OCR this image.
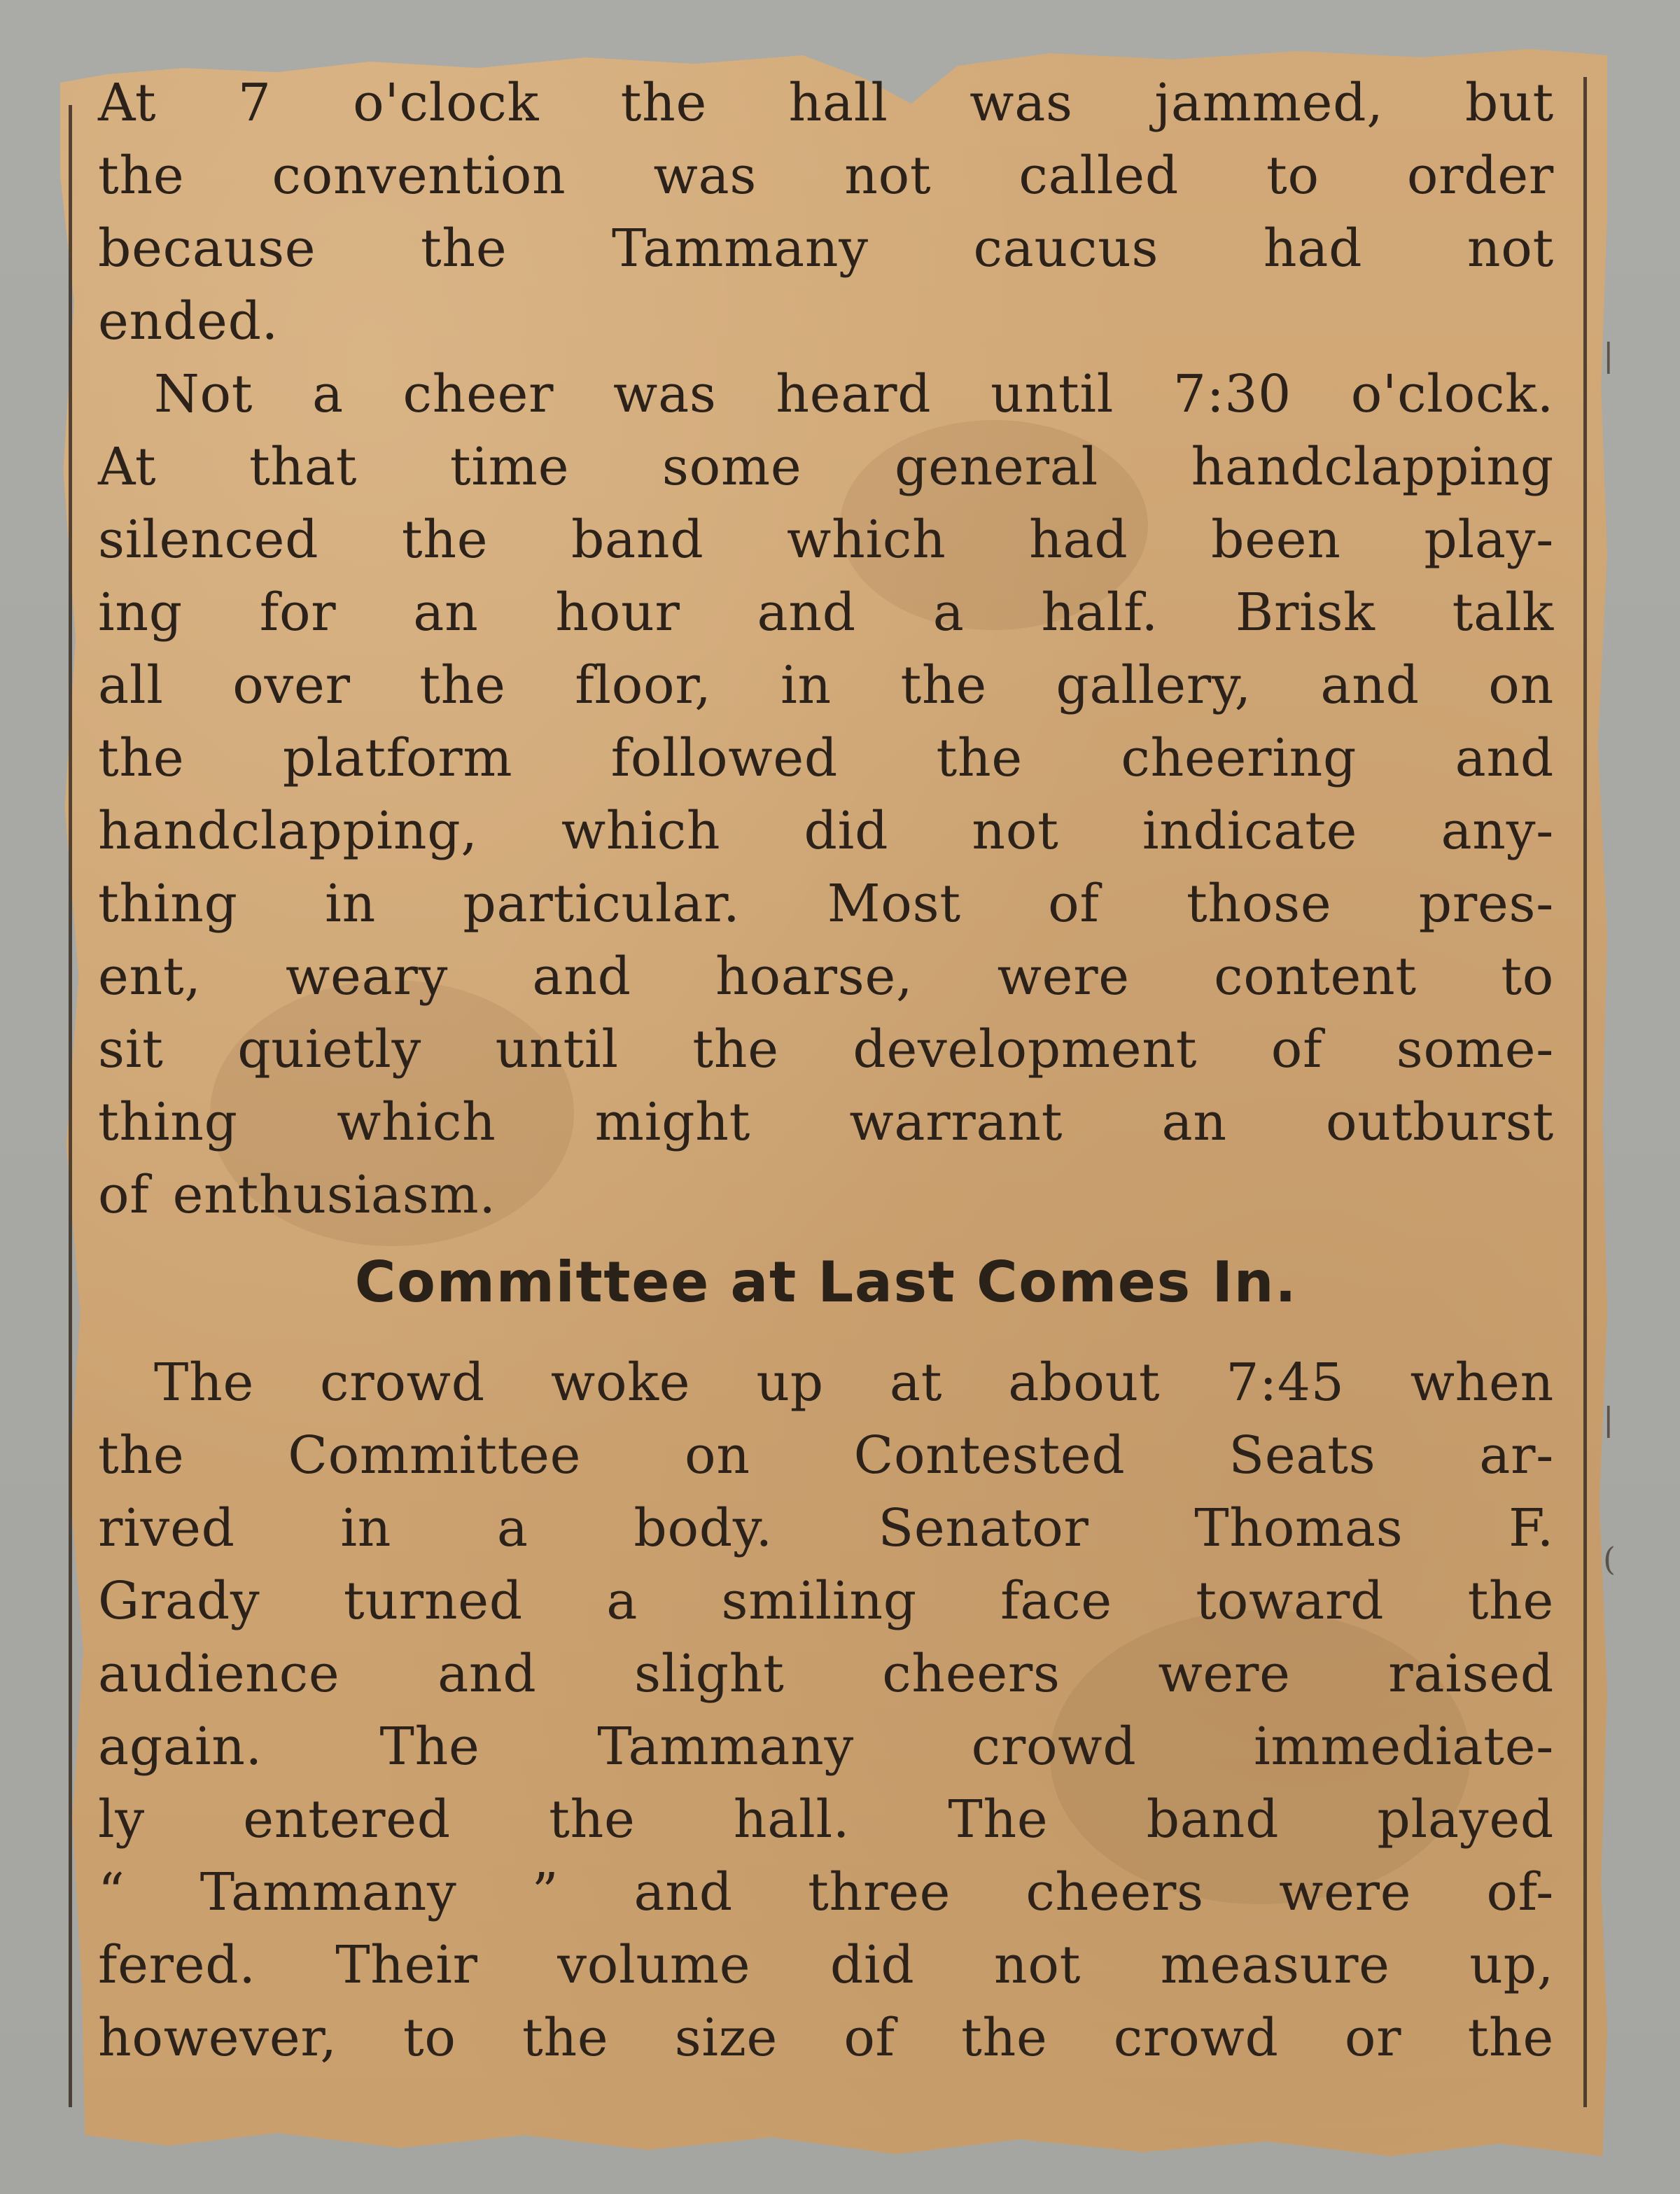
|
|
(

At 7 o'clock the hall was jammed, but
the convention was not called to order
because the Tammany caucus had not
ended.

Not a cheer was heard until 7:30 o'clock.
At that time some general handclapping
silenced the band which had been play-
ing for an hour and a half. Brisk talk
all over the floor, in the gallery, and on
the platform followed the cheering and
handclapping, which did not indicate any-
thing in particular. Most of those pres-
ent, weary and hoarse, were content to
sit quietly until the development of some-
thing which might warrant an outburst
of enthusiasm.

Committee at Last Comes In.

The crowd woke up at about 7:45 when
the Committee on Contested Seats ar-
rived in a body. Senator Thomas F.
Grady turned a smiling face toward the
audience and slight cheers were raised
again. The Tammany crowd immediate-
ly entered the hall. The band played
“ Tammany ” and three cheers were of-
fered. Their volume did not measure up,
however, to the size of the crowd or the
